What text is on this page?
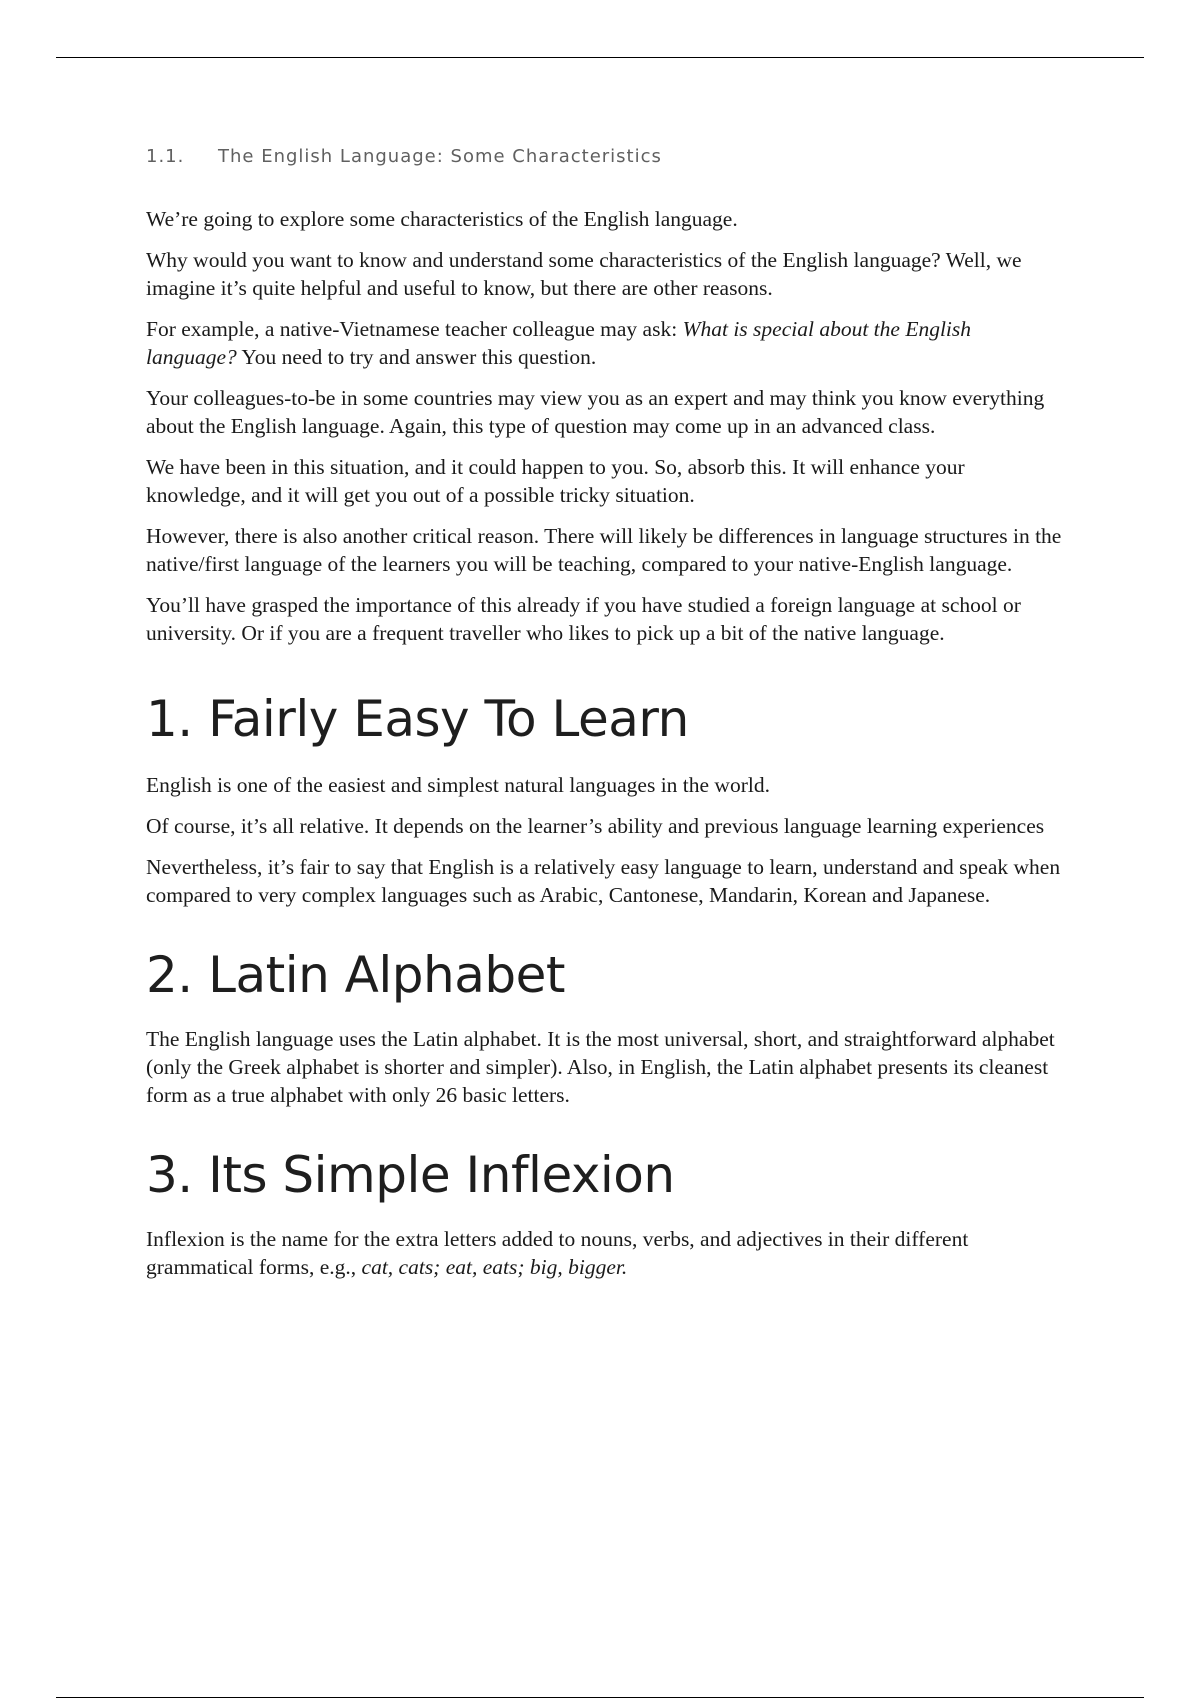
1.1.	The English Language: Some Characteristics

We’re going to explore some characteristics of the English language.

Why would you want to know and understand some characteristics of the English language? Well, we imagine it’s quite helpful and useful to know, but there are other reasons.

For example, a native-Vietnamese teacher colleague may ask: What is special about the English language? You need to try and answer this question.

Your colleagues-to-be in some countries may view you as an expert and may think you know everything about the English language. Again, this type of question may come up in an advanced class.

We have been in this situation, and it could happen to you. So, absorb this. It will enhance your knowledge, and it will get you out of a possible tricky situation.

However, there is also another critical reason. There will likely be differences in language structures in the native/first language of the learners you will be teaching, compared to your native-English language.

You’ll have grasped the importance of this already if you have studied a foreign language at school or university. Or if you are a frequent traveller who likes to pick up a bit of the native language.

1. Fairly Easy To Learn

English is one of the easiest and simplest natural languages in the world.

Of course, it’s all relative. It depends on the learner’s ability and previous language learning experiences

Nevertheless, it’s fair to say that English is a relatively easy language to learn, understand and speak when compared to very complex languages such as Arabic, Cantonese, Mandarin, Korean and Japanese.

2. Latin Alphabet

The English language uses the Latin alphabet. It is the most universal, short, and straightforward alphabet (only the Greek alphabet is shorter and simpler). Also, in English, the Latin alphabet presents its cleanest form as a true alphabet with only 26 basic letters.

3. Its Simple Inflexion

Inflexion is the name for the extra letters added to nouns, verbs, and adjectives in their different grammatical forms, e.g., cat, cats; eat, eats; big, bigger.
